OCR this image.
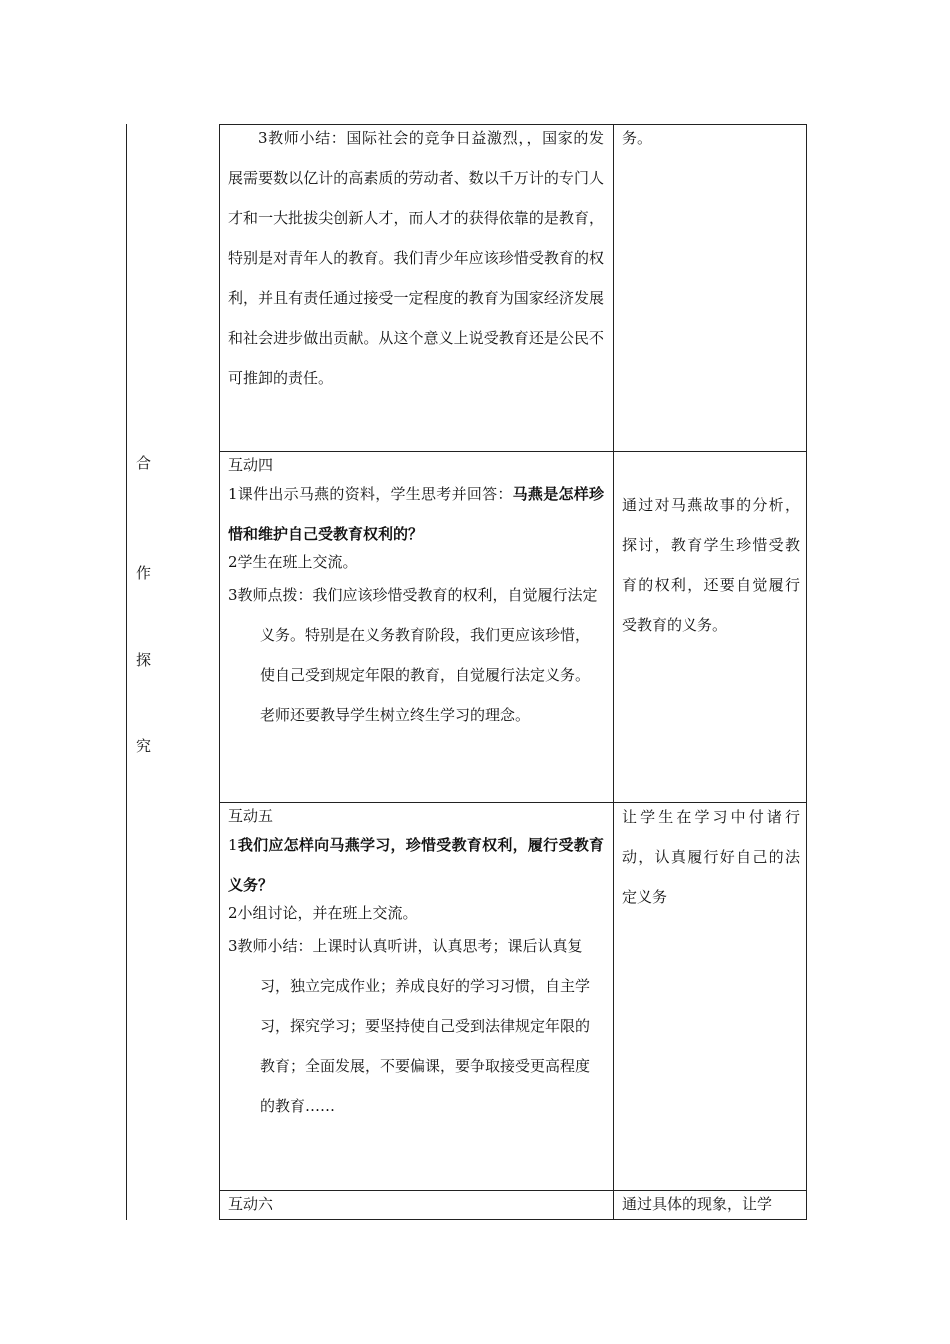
合
作
探
究

3教师小结：国际社会的竞争日益激烈，，国家的发展需要数以亿计的高素质的劳动者、数以千万计的专门人才和一大批拔尖创新人才，而人才的获得依靠的是教育，特别是对青年人的教育。我们青少年应该珍惜受教育的权利，并且有责任通过接受一定程度的教育为国家经济发展和社会进步做出贡献。从这个意义上说受教育还是公民不可推卸的责任。

务。

互动四

1课件出示马燕的资料，学生思考并回答：马燕是怎样珍惜和维护自己受教育权利的？

2学生在班上交流。

3教师点拨：我们应该珍惜受教育的权利，自觉履行法定义务。特别是在义务教育阶段，我们更应该珍惜，使自己受到规定年限的教育，自觉履行法定义务。老师还要教导学生树立终生学习的理念。

通过对马燕故事的分析，探讨，教育学生珍惜受教育的权利，还要自觉履行受教育的义务。

互动五

1我们应怎样向马燕学习，珍惜受教育权利，履行受教育义务？

2小组讨论，并在班上交流。

3教师小结：上课时认真听讲，认真思考；课后认真复习，独立完成作业；养成良好的学习习惯，自主学习，探究学习；要坚持使自己受到法律规定年限的教育；全面发展，不要偏课，要争取接受更高程度的教育……

让学生在学习中付诸行动，认真履行好自己的法定义务

互动六	通过具体的现象，让学
